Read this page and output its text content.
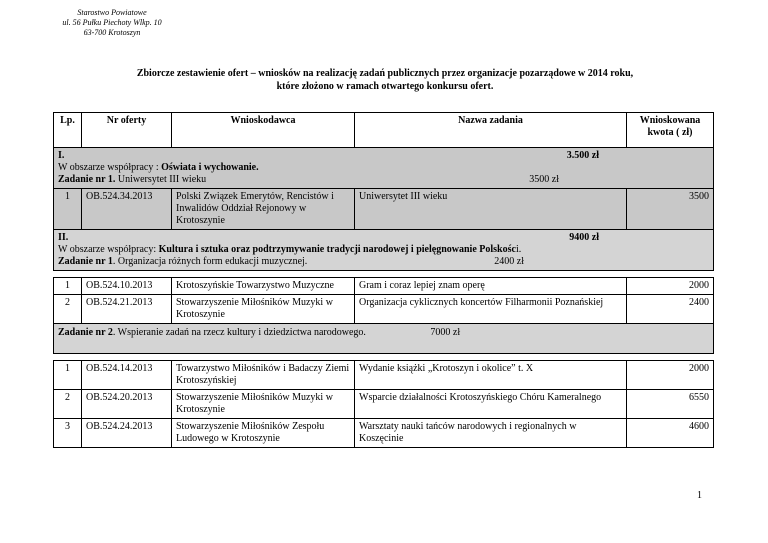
Starostwo Powiatowe
ul. 56 Pułku Piechoty Wlkp. 10
63-700 Krotoszyn
Zbiorcze zestawienie ofert – wniosków na realizację zadań publicznych przez organizacje pozarządowe w 2014 roku,
które złożono w ramach otwartego konkursu ofert.
Lp.	Nr oferty	Wnioskodawca	Nazwa zadania	Wnioskowana kwota ( zł)

I. 3.500 zł
W obszarze współpracy : Oświata i wychowanie.
Zadanie nr 1. Uniwersytet III wieku 3500 zł				

1	OB.524.34.2013	Polski Związek Emerytów, Rencistów i Inwalidów Oddział Rejonowy w Krotoszynie	Uniwersytet III wieku	3500

II. 9400 zł
W obszarze współpracy: Kultura i sztuka oraz podtrzymywanie tradycji narodowej i pielęgnowanie Polskości.
Zadanie nr 1. Organizacja różnych form edukacji muzycznej. 2400 zł				

1	OB.524.10.2013	Krotoszyńskie Towarzystwo Muzyczne	Gram i coraz lepiej znam operę	2000
2	OB.524.21.2013	Stowarzyszenie Miłośników Muzyki w Krotoszynie	Organizacja cyklicznych koncertów Filharmonii Poznańskiej	2400
Zadanie nr 2. Wspieranie zadań na rzecz kultury i dziedzictwa narodowego. 7000 zł				

1	OB.524.14.2013	Towarzystwo Miłośników i Badaczy Ziemi Krotoszyńskiej	Wydanie książki „Krotoszyn i okolice” t. X	2000
2	OB.524.20.2013	Stowarzyszenie Miłośników Muzyki w Krotoszynie	Wsparcie działalności Krotoszyńskiego Chóru Kameralnego	6550
3	OB.524.24.2013	Stowarzyszenie Miłośników Zespołu Ludowego w Krotoszynie	Warsztaty nauki tańców narodowych i regionalnych w Koszęcinie	4600
1
